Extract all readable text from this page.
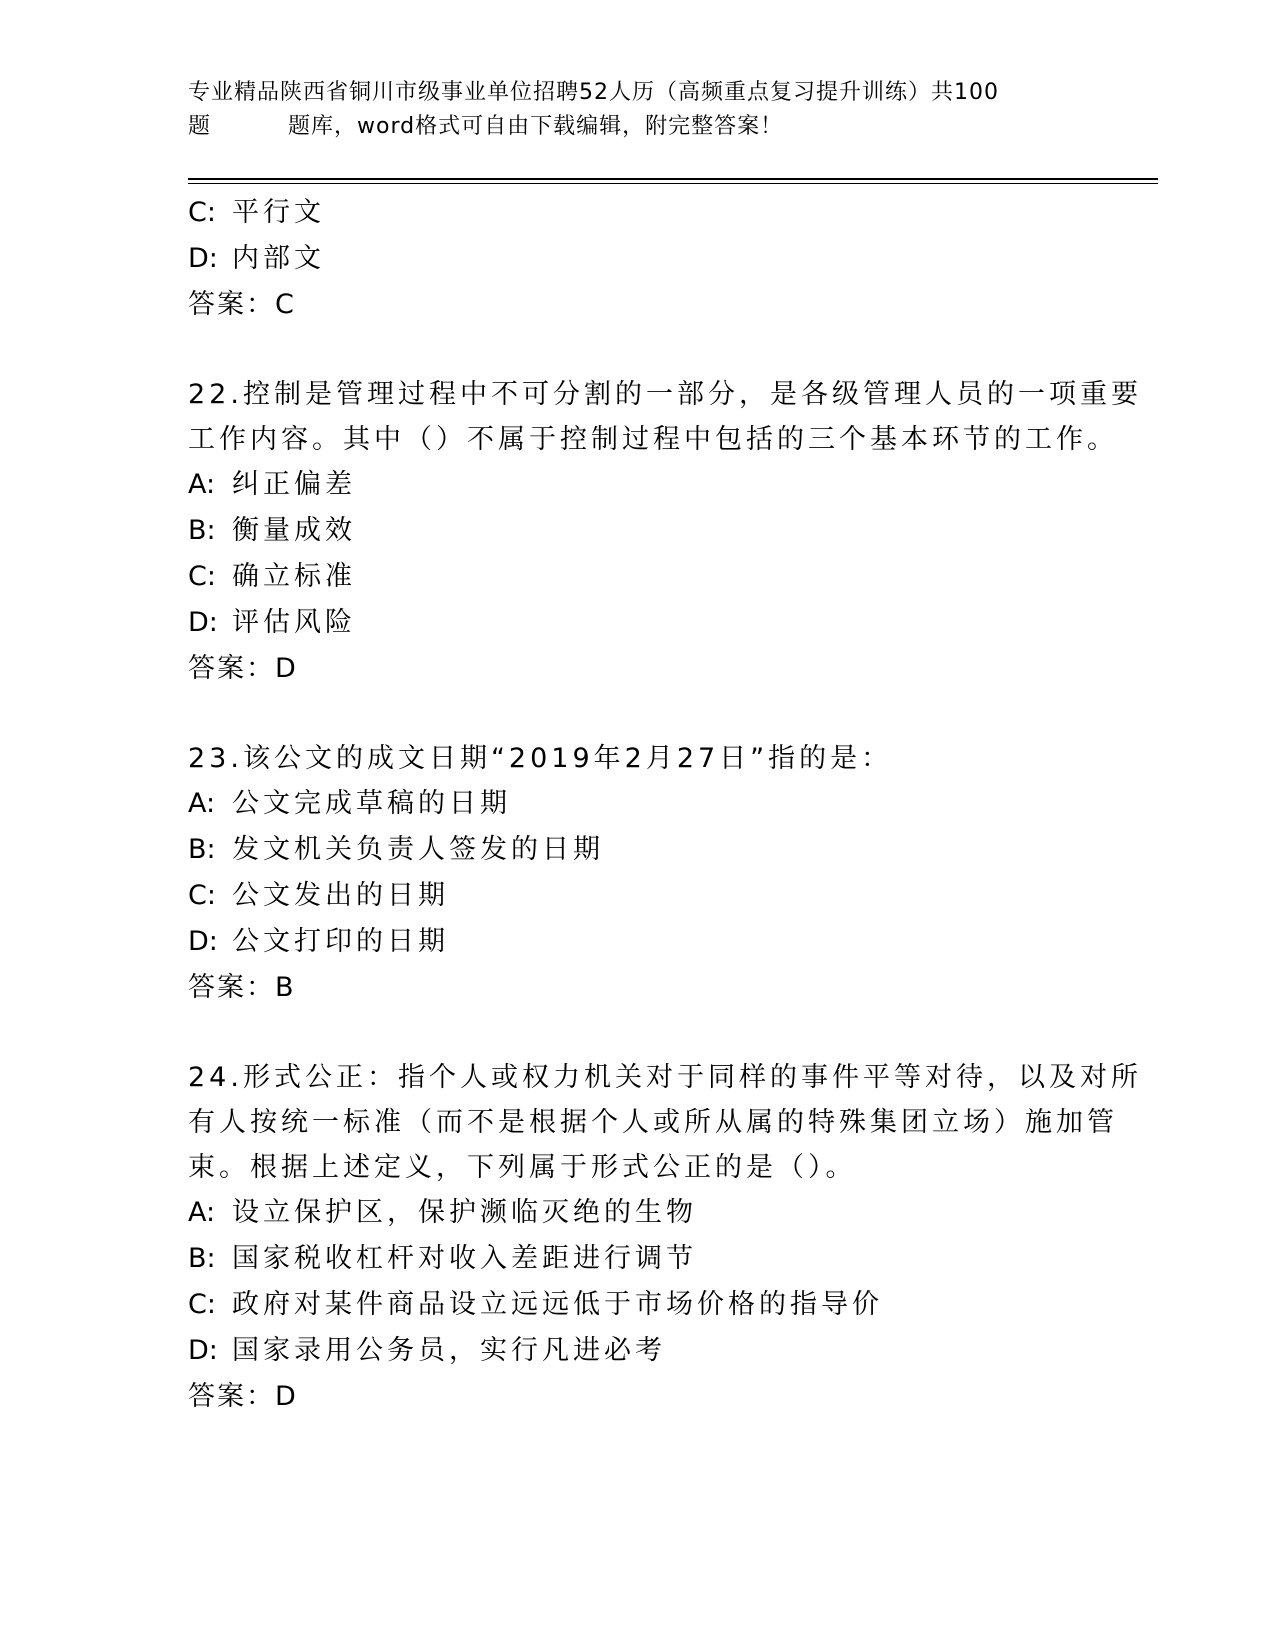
专业精品陕西省铜川市级事业单位招聘52人历（高频重点复习提升训练）共100
题	题库，word格式可自由下载编辑，附完整答案！
C: 平行文
D: 内部文
答案：C
22.控制是管理过程中不可分割的一部分，是各级管理人员的一项重要
工作内容。其中（）不属于控制过程中包括的三个基本环节的工作。
A: 纠正偏差
B: 衡量成效
C: 确立标准
D: 评估风险
答案：D
23.该公文的成文日期“2019年2月27日”指的是：
A: 公文完成草稿的日期
B: 发文机关负责人签发的日期
C: 公文发出的日期
D: 公文打印的日期
答案：B
24.形式公正：指个人或权力机关对于同样的事件平等对待，以及对所
有人按统一标准（而不是根据个人或所从属的特殊集团立场）施加管
束。根据上述定义，下列属于形式公正的是（）。
A: 设立保护区，保护濒临灭绝的生物
B: 国家税收杠杆对收入差距进行调节
C: 政府对某件商品设立远远低于市场价格的指导价
D: 国家录用公务员，实行凡进必考
答案：D
